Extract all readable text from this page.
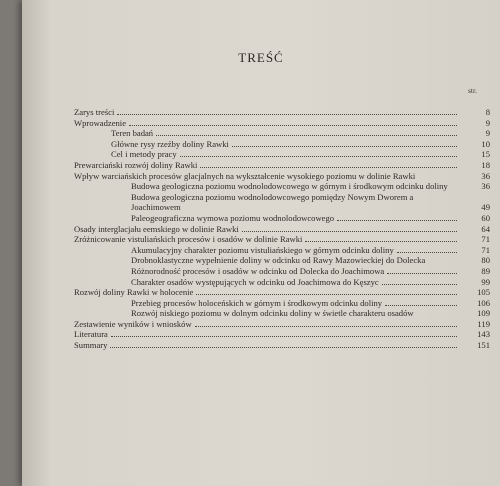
TREŚĆ
str.
Zarys treści	8
Wprowadzenie	9
Teren badań	9
Główne rysy rzeźby doliny Rawki	10
Cel i metody pracy	15
Prewarciański rozwój doliny Rawki	18
Wpływ warciańskich procesów glacjalnych na wykształcenie wysokiego poziomu w dolinie Rawki	36
Budowa geologiczna poziomu wodnolodowcowego w górnym i środkowym odcinku doliny	36
Budowa geologiczna poziomu wodnolodowcowego pomiędzy Nowym Dworem a Joachimowem	49
Paleogeograficzna wymowa poziomu wodnolodowcowego	60
Osady interglacjału eemskiego w dolinie Rawki	64
Zróżnicowanie vistuliańskich procesów i osadów w dolinie Rawki	71
Akumulacyjny charakter poziomu vistuliańskiego w górnym odcinku doliny	71
Drobnoklastyczne wypełnienie doliny w odcinku od Rawy Mazowieckiej do Dolecka	80
Różnorodność procesów i osadów w odcinku od Dolecka do Joachimowa	89
Charakter osadów występujących w odcinku od Joachimowa do Kęszyc	99
Rozwój doliny Rawki w holocenie	105
Przebieg procesów holoceńskich w górnym i środkowym odcinku doliny	106
Rozwój niskiego poziomu w dolnym odcinku doliny w świetle charakteru osadów	109
Zestawienie wyników i wniosków	119
Literatura	143
Summary	151
